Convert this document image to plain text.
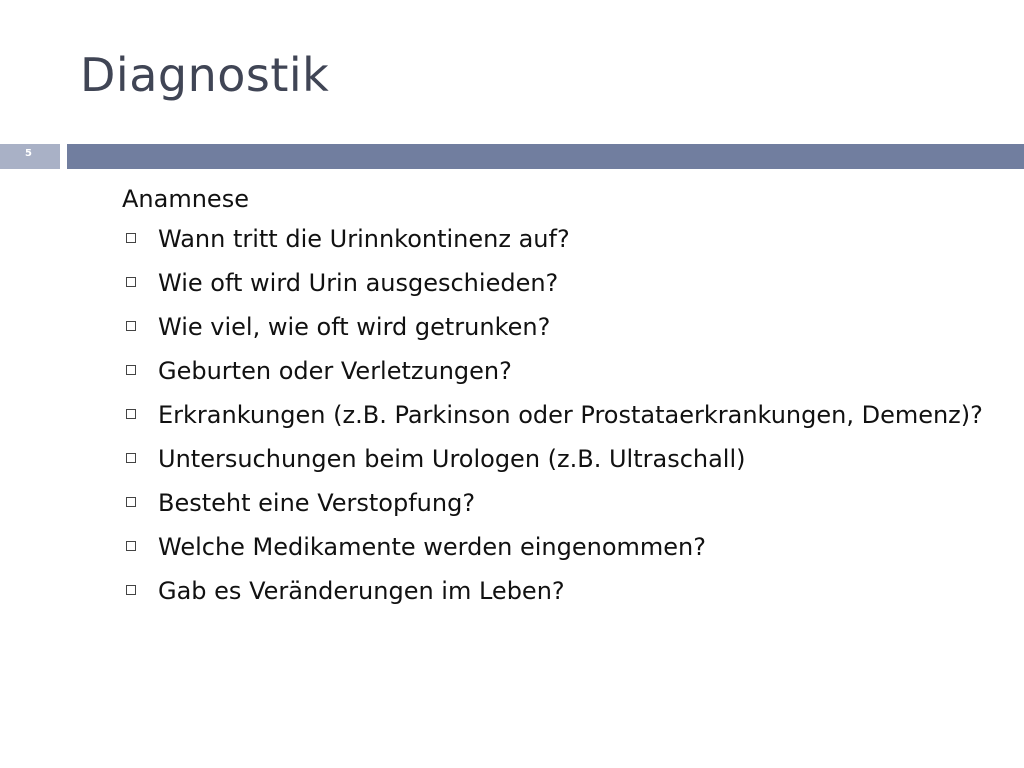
Diagnostik
5
Anamnese
Wann tritt die Urinnkontinenz auf?
Wie oft wird Urin ausgeschieden?
Wie viel, wie oft wird getrunken?
Geburten oder Verletzungen?
Erkrankungen (z.B. Parkinson oder Prostataerkrankungen, Demenz)?
Untersuchungen beim Urologen (z.B. Ultraschall)
Besteht eine Verstopfung?
Welche Medikamente werden eingenommen?
Gab es Veränderungen im Leben?
